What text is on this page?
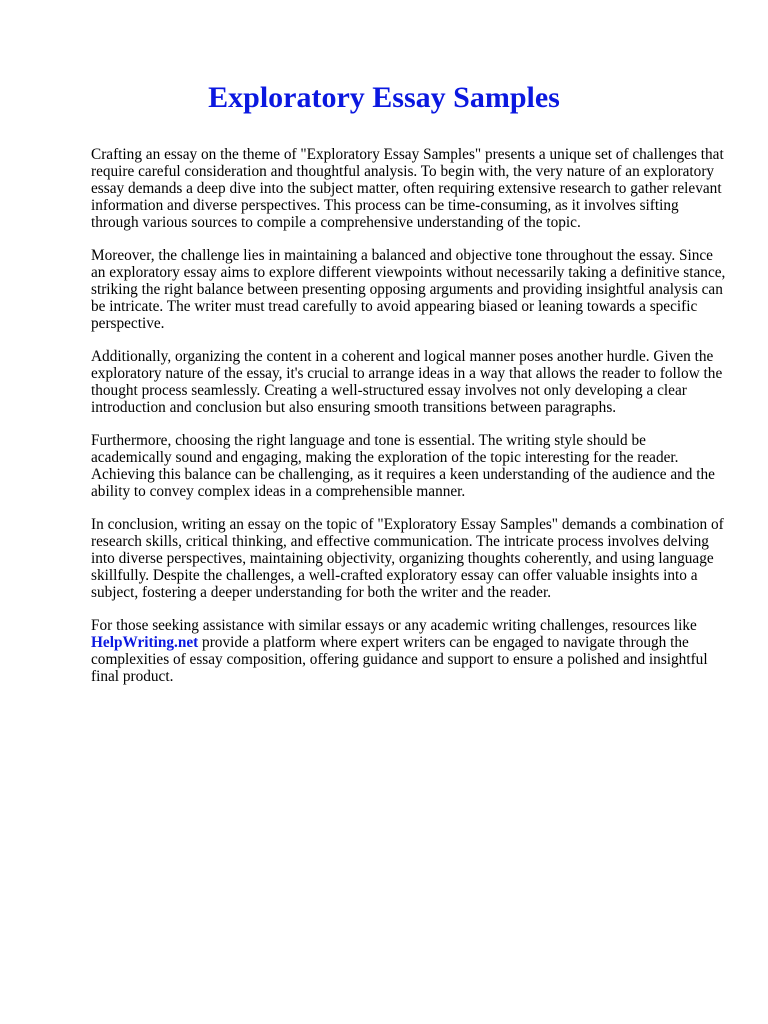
Exploratory Essay Samples

Crafting an essay on the theme of "Exploratory Essay Samples" presents a unique set of challenges that require careful consideration and thoughtful analysis. To begin with, the very nature of an exploratory essay demands a deep dive into the subject matter, often requiring extensive research to gather relevant information and diverse perspectives. This process can be time-consuming, as it involves sifting through various sources to compile a comprehensive understanding of the topic.

Moreover, the challenge lies in maintaining a balanced and objective tone throughout the essay. Since an exploratory essay aims to explore different viewpoints without necessarily taking a definitive stance, striking the right balance between presenting opposing arguments and providing insightful analysis can be intricate. The writer must tread carefully to avoid appearing biased or leaning towards a specific perspective.

Additionally, organizing the content in a coherent and logical manner poses another hurdle. Given the exploratory nature of the essay, it's crucial to arrange ideas in a way that allows the reader to follow the thought process seamlessly. Creating a well-structured essay involves not only developing a clear introduction and conclusion but also ensuring smooth transitions between paragraphs.

Furthermore, choosing the right language and tone is essential. The writing style should be academically sound and engaging, making the exploration of the topic interesting for the reader. Achieving this balance can be challenging, as it requires a keen understanding of the audience and the ability to convey complex ideas in a comprehensible manner.

In conclusion, writing an essay on the topic of "Exploratory Essay Samples" demands a combination of research skills, critical thinking, and effective communication. The intricate process involves delving into diverse perspectives, maintaining objectivity, organizing thoughts coherently, and using language skillfully. Despite the challenges, a well-crafted exploratory essay can offer valuable insights into a subject, fostering a deeper understanding for both the writer and the reader.

For those seeking assistance with similar essays or any academic writing challenges, resources like HelpWriting.net provide a platform where expert writers can be engaged to navigate through the complexities of essay composition, offering guidance and support to ensure a polished and insightful final product.
